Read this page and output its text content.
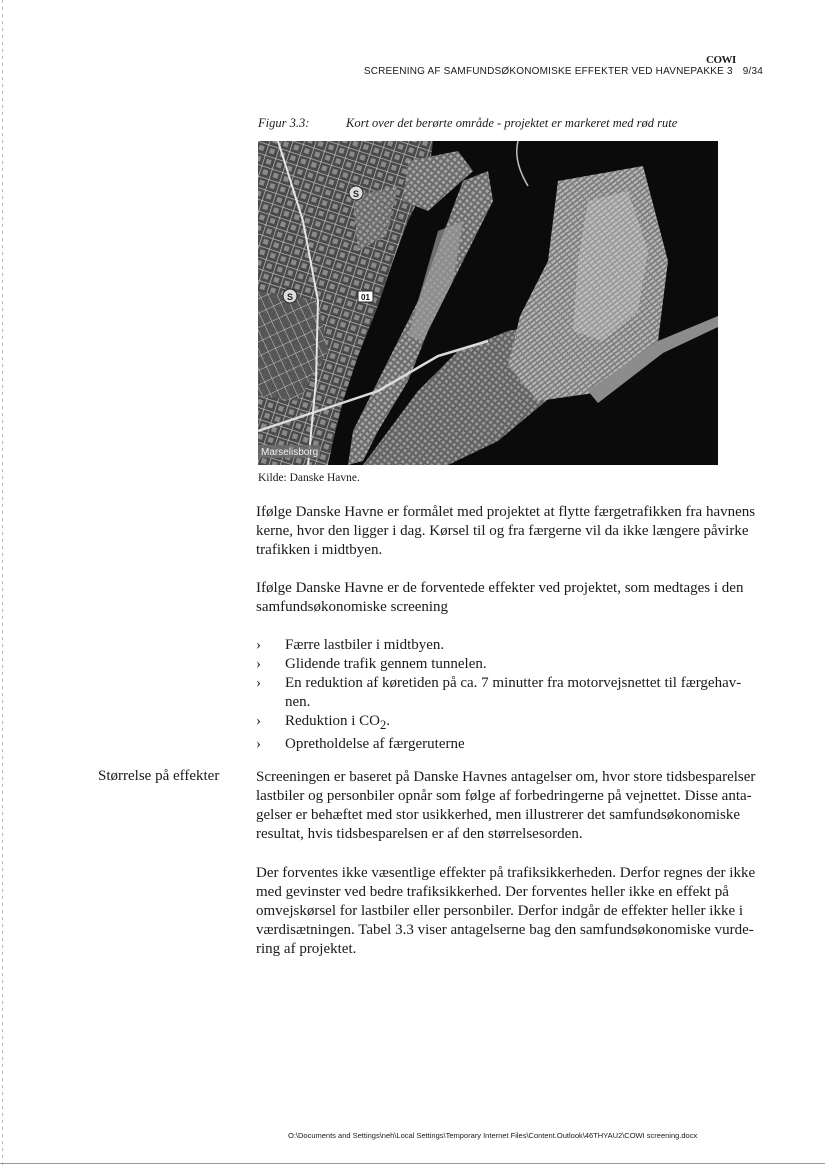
COWI
SCREENING AF SAMFUNDSØKONOMISKE EFFEKTER VED HAVNEPAKKE 3 9/34
Figur 3.3:	Kort over det berørte område - projektet er markeret med rød rute
S
S	01
Marselisborg
Kilde: Danske Havne.

Ifølge Danske Havne er formålet med projektet at flytte færgetrafikken fra havnens kerne, hvor den ligger i dag. Kørsel til og fra færgerne vil da ikke længere påvirke trafikken i midtbyen.

Ifølge Danske Havne er de forventede effekter ved projektet, som medtages i den samfundsøkonomiske screening

› Færre lastbiler i midtbyen.
› Glidende trafik gennem tunnelen.
› En reduktion af køretiden på ca. 7 minutter fra motorvejsnettet til færgehav-nen.
› Reduktion i $CO_2$.
› Opretholdelse af færgeruterne
Størrelse på effekter Screeningen er baseret på Danske Havnes antagelser om, hvor store tidsbesparelser lastbiler og personbiler opnår som følge af forbedringerne på vejnettet. Disse anta-gelser er behæftet med stor usikkerhed, men illustrerer det samfundsøkonomiske resultat, hvis tidsbesparelsen er af den størrelsesorden.

Der forventes ikke væsentlige effekter på trafiksikkerheden. Derfor regnes der ikke med gevinster ved bedre trafiksikkerhed. Der forventes heller ikke en effekt på omvejskørsel for lastbiler eller personbiler. Derfor indgår de effekter heller ikke i værdisætningen. Tabel 3.3 viser antagelserne bag den samfundsøkonomiske vurde-ring af projektet.

O:\Documents and Settings\neh\Local Settings\Temporary Internet Files\Content.Outlook\46THYAU2\COWI screening.docx
